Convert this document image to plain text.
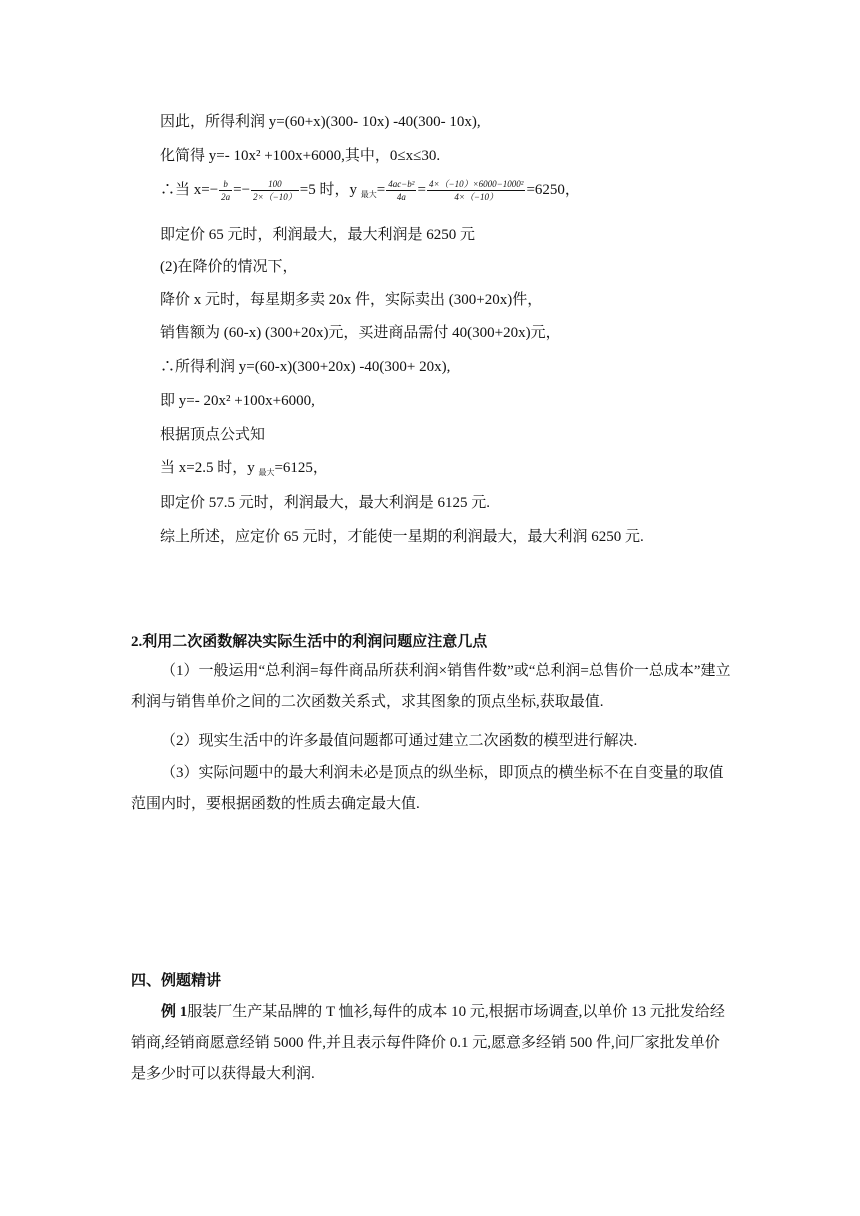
因此，所得利润 y=(60+x)(300- 10x) -40(300- 10x),
化简得 y=- 10x² +100x+6000,其中，0≤x≤30.
∴当 $x=- \frac{b}{2a} =- \frac{100}{2\times(-10)} =5$ 时，y $_{最大}= \frac{\text{4ac−b²}}{4a} = \frac{\text{4×（−10）×6000−1000²}}{4\times(-10)} =6250$，
即定价 65 元时，利润最大，最大利润是 6250 元
(2)在降价的情况下，
降价 x 元时，每星期多卖 20x 件，实际卖出 (300+20x)件，
销售额为 (60-x) (300+20x)元，买进商品需付 40(300+20x)元，
∴所得利润 y=(60-x)(300+20x) -40(300+ 20x),
即 y=- 20x² +100x+6000,
根据顶点公式知
当 x=2.5 时，y $_{最大}$=6125，
即定价 57.5 元时，利润最大，最大利润是 6125 元.
综上所述，应定价 65 元时，才能使一星期的利润最大，最大利润 6250 元.
2.利用二次函数解决实际生活中的利润问题应注意几点
（1）一般运用“总利润=每件商品所获利润×销售件数”或“总利润=总售价一总成本”建立利润与销售单价之间的二次函数关系式，求其图象的顶点坐标,获取最值.
（2）现实生活中的许多最值问题都可通过建立二次函数的模型进行解决.
（3）实际问题中的最大利润未必是顶点的纵坐标，即顶点的横坐标不在自变量的取值范围内时，要根据函数的性质去确定最大值.
四、例题精讲
例 1服装厂生产某品牌的 T 恤衫,每件的成本 10 元,根据市场调查,以单价 13 元批发给经销商,经销商愿意经销 5000 件,并且表示每件降价 0.1 元,愿意多经销 500 件,问厂家批发单价是多少时可以获得最大利润.
